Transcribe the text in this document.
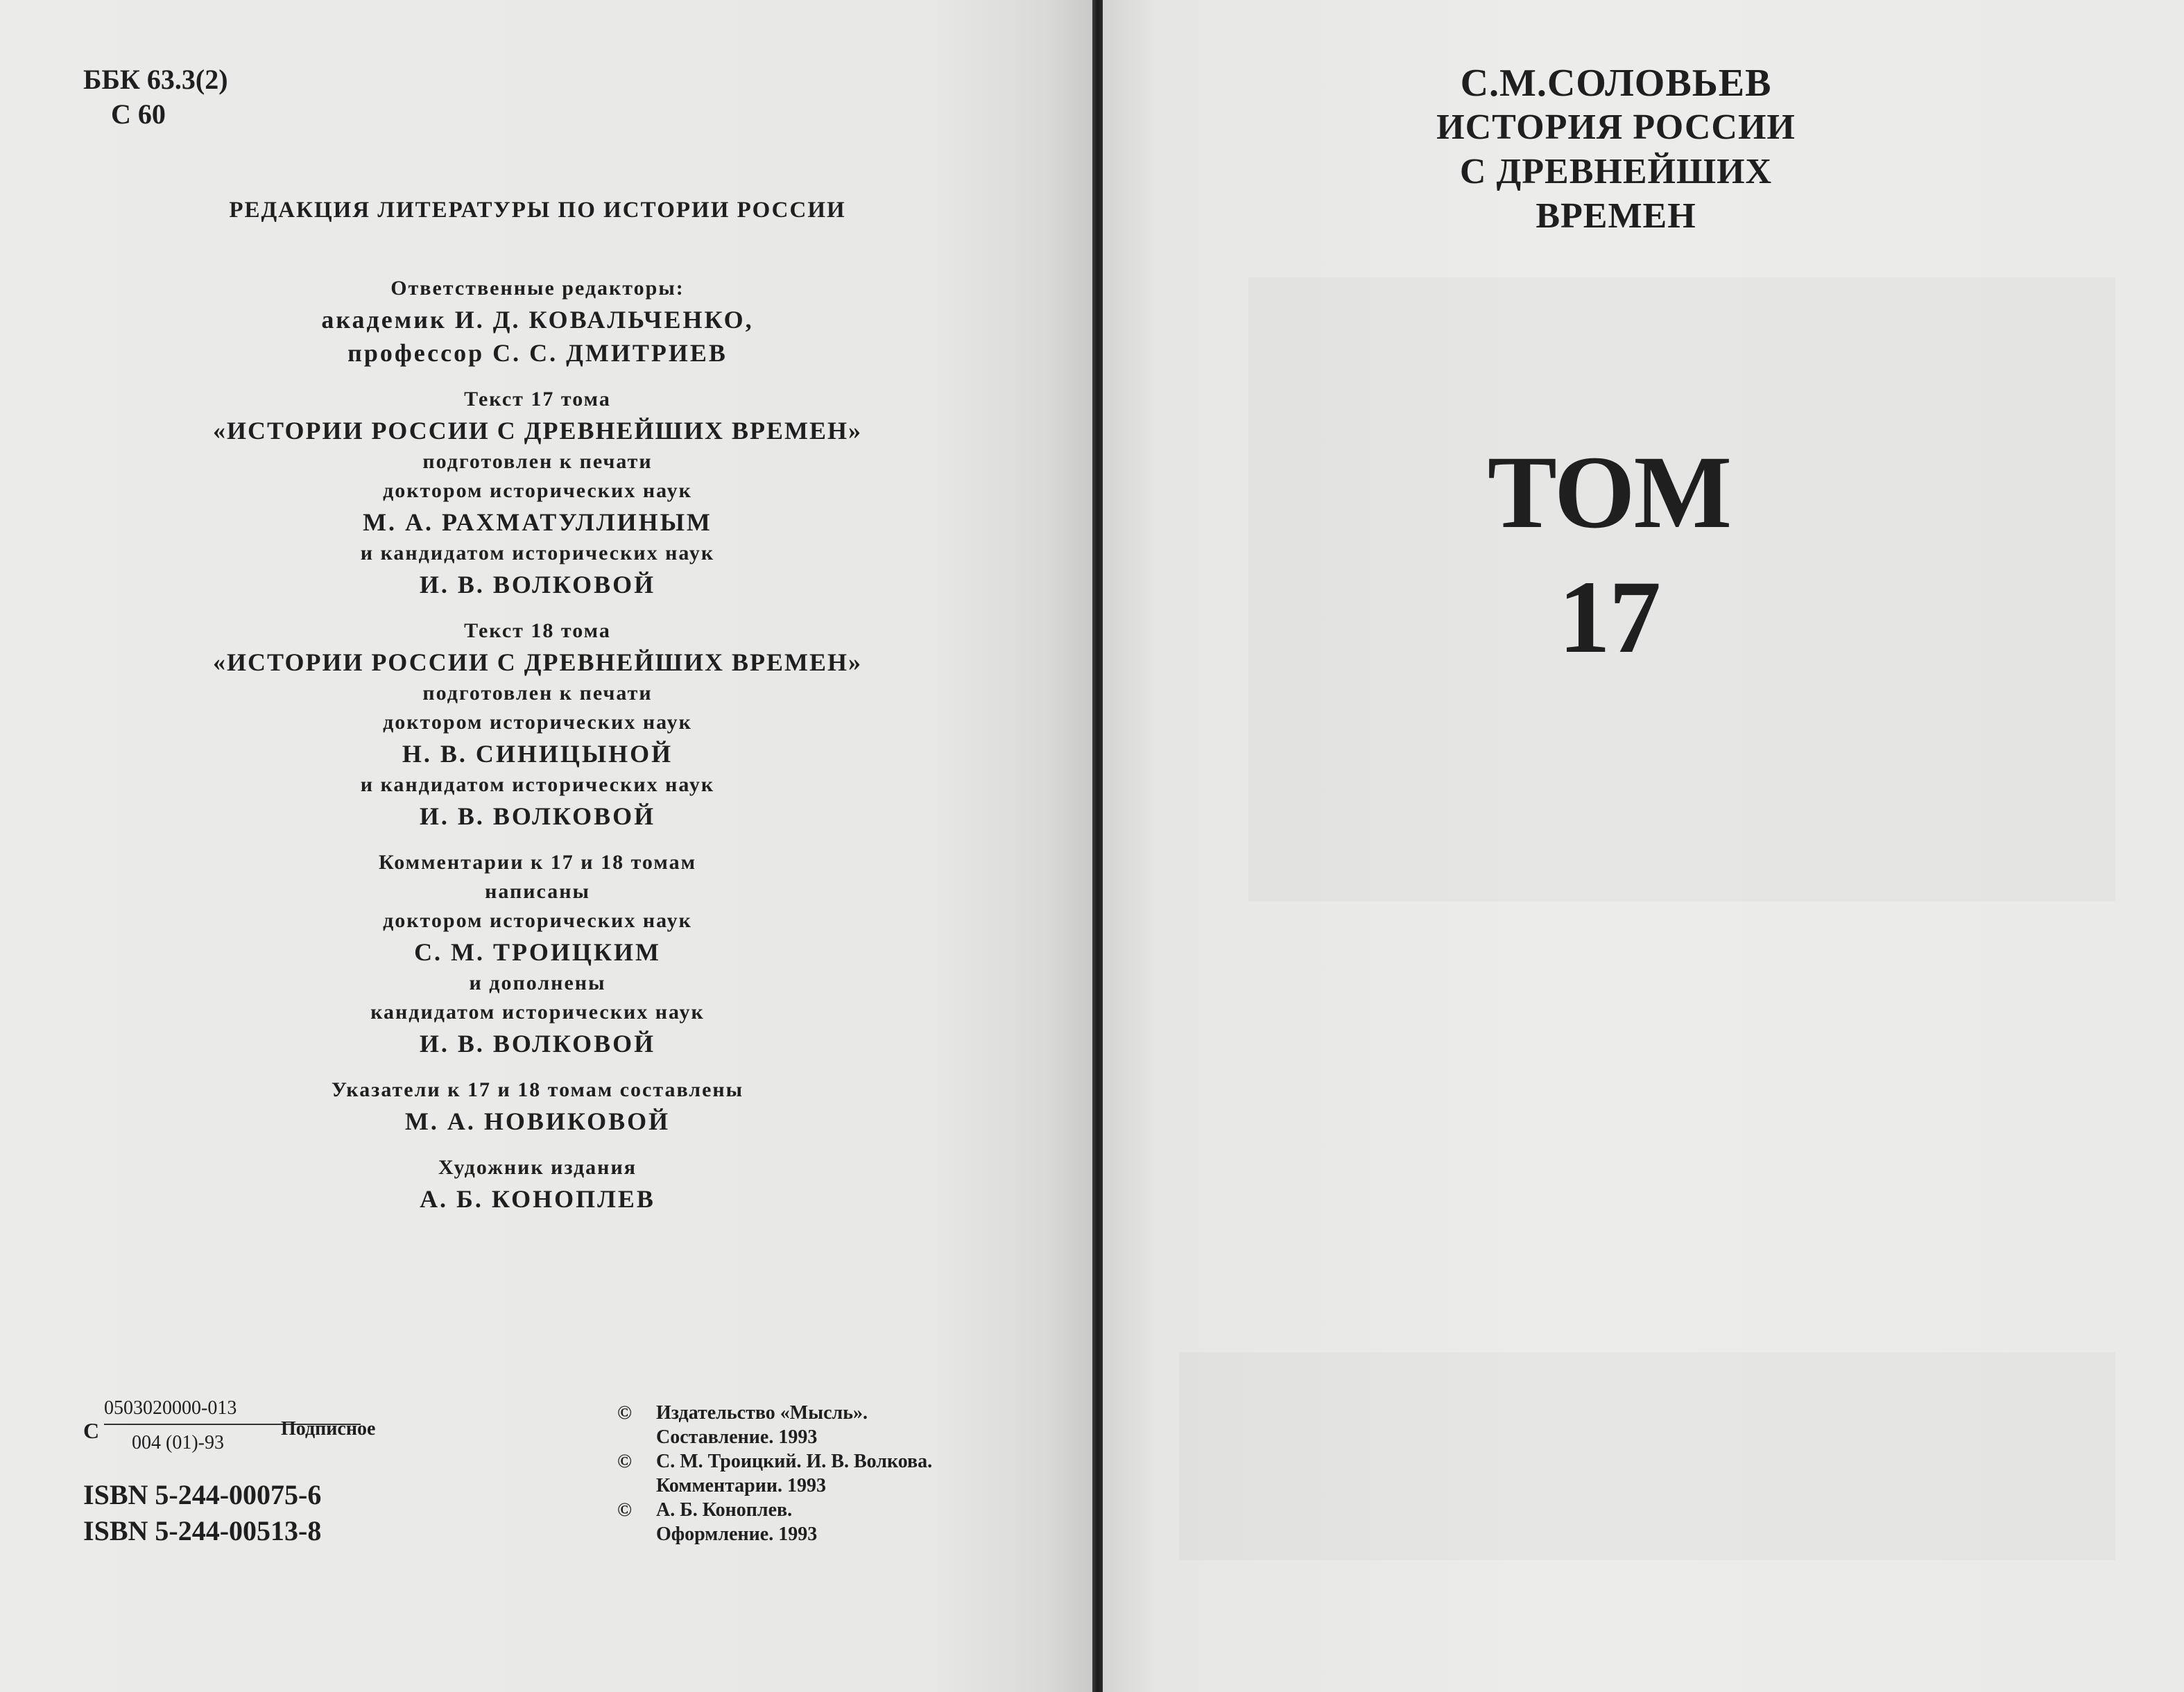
ББК 63.3(2)
С 60
РЕДАКЦИЯ ЛИТЕРАТУРЫ ПО ИСТОРИИ РОССИИ
Ответственные редакторы:
академик И. Д. КОВАЛЬЧЕНКО,
профессор С. С. ДМИТРИЕВ
Текст 17 тома
«ИСТОРИИ РОССИИ С ДРЕВНЕЙШИХ ВРЕМЕН»
подготовлен к печати
доктором исторических наук
М. А. РАХМАТУЛЛИНЫМ
и кандидатом исторических наук
И. В. ВОЛКОВОЙ
Текст 18 тома
«ИСТОРИИ РОССИИ С ДРЕВНЕЙШИХ ВРЕМЕН»
подготовлен к печати
доктором исторических наук
Н. В. СИНИЦЫНОЙ
и кандидатом исторических наук
И. В. ВОЛКОВОЙ
Комментарии к 17 и 18 томам
написаны
доктором исторических наук
С. М. ТРОИЦКИМ
и дополнены
кандидатом исторических наук
И. В. ВОЛКОВОЙ
Указатели к 17 и 18 томам составлены
М. А. НОВИКОВОЙ
Художник издания
А. Б. КОНОПЛЕВ
С
0503020000-013
004 (01)-93
Подписное
ISBN 5-244-00075-6
ISBN 5-244-00513-8
© Издательство «Мысль».
Составление. 1993
© С. М. Троицкий. И. В. Волкова.
Комментарии. 1993
© А. Б. Коноплев.
Оформление. 1993
С.М.СОЛОВЬЕВ
ИСТОРИЯ РОССИИ
С ДРЕВНЕЙШИХ
ВРЕМЕН
ТОМ 17
